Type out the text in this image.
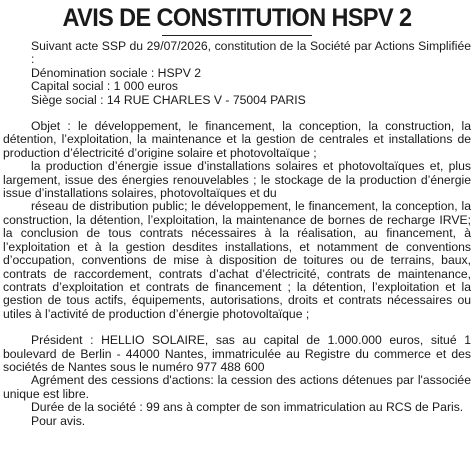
AVIS DE CONSTITUTION HSPV 2

Suivant acte SSP du 29/07/2026, constitution de la Société par Actions Simplifiée :

Dénomination sociale : HSPV 2

Capital social : 1 000 euros

Siège social : 14 RUE CHARLES V - 75004 PARIS

Objet : le développement, le financement, la conception, la construction, la détention, l’exploitation, la maintenance et la gestion de centrales et installations de production d’électricité d’origine solaire et photovoltaïque ;

la production d’énergie issue d’installations solaires et photovoltaïques et, plus largement, issue des énergies renouvelables ; le stockage de la production d’énergie issue d’installations solaires, photovoltaïques et du

réseau de distribution public; le développement, le financement, la conception, la construction, la détention, l’exploitation, la maintenance de bornes de recharge IRVE; la conclusion de tous contrats nécessaires à la réalisation, au financement, à l’exploitation et à la gestion desdites installations, et notamment de conventions d’occupation, conventions de mise à disposition de toitures ou de terrains, baux, contrats de raccordement, contrats d’achat d’électricité, contrats de maintenance, contrats d’exploitation et contrats de financement ; la détention, l’exploitation et la gestion de tous actifs, équipements, autorisations, droits et contrats nécessaires ou utiles à l’activité de production d’énergie photovoltaïque ;

Président : HELLIO SOLAIRE, sas au capital de 1.000.000 euros, situé 1 boulevard de Berlin - 44000 Nantes, immatriculée au Registre du commerce et des sociétés de Nantes sous le numéro 977 488 600

Agrément des cessions d'actions: la cession des actions détenues par l'associée unique est libre.

Durée de la société : 99 ans à compter de son immatriculation au RCS de Paris.

Pour avis.
